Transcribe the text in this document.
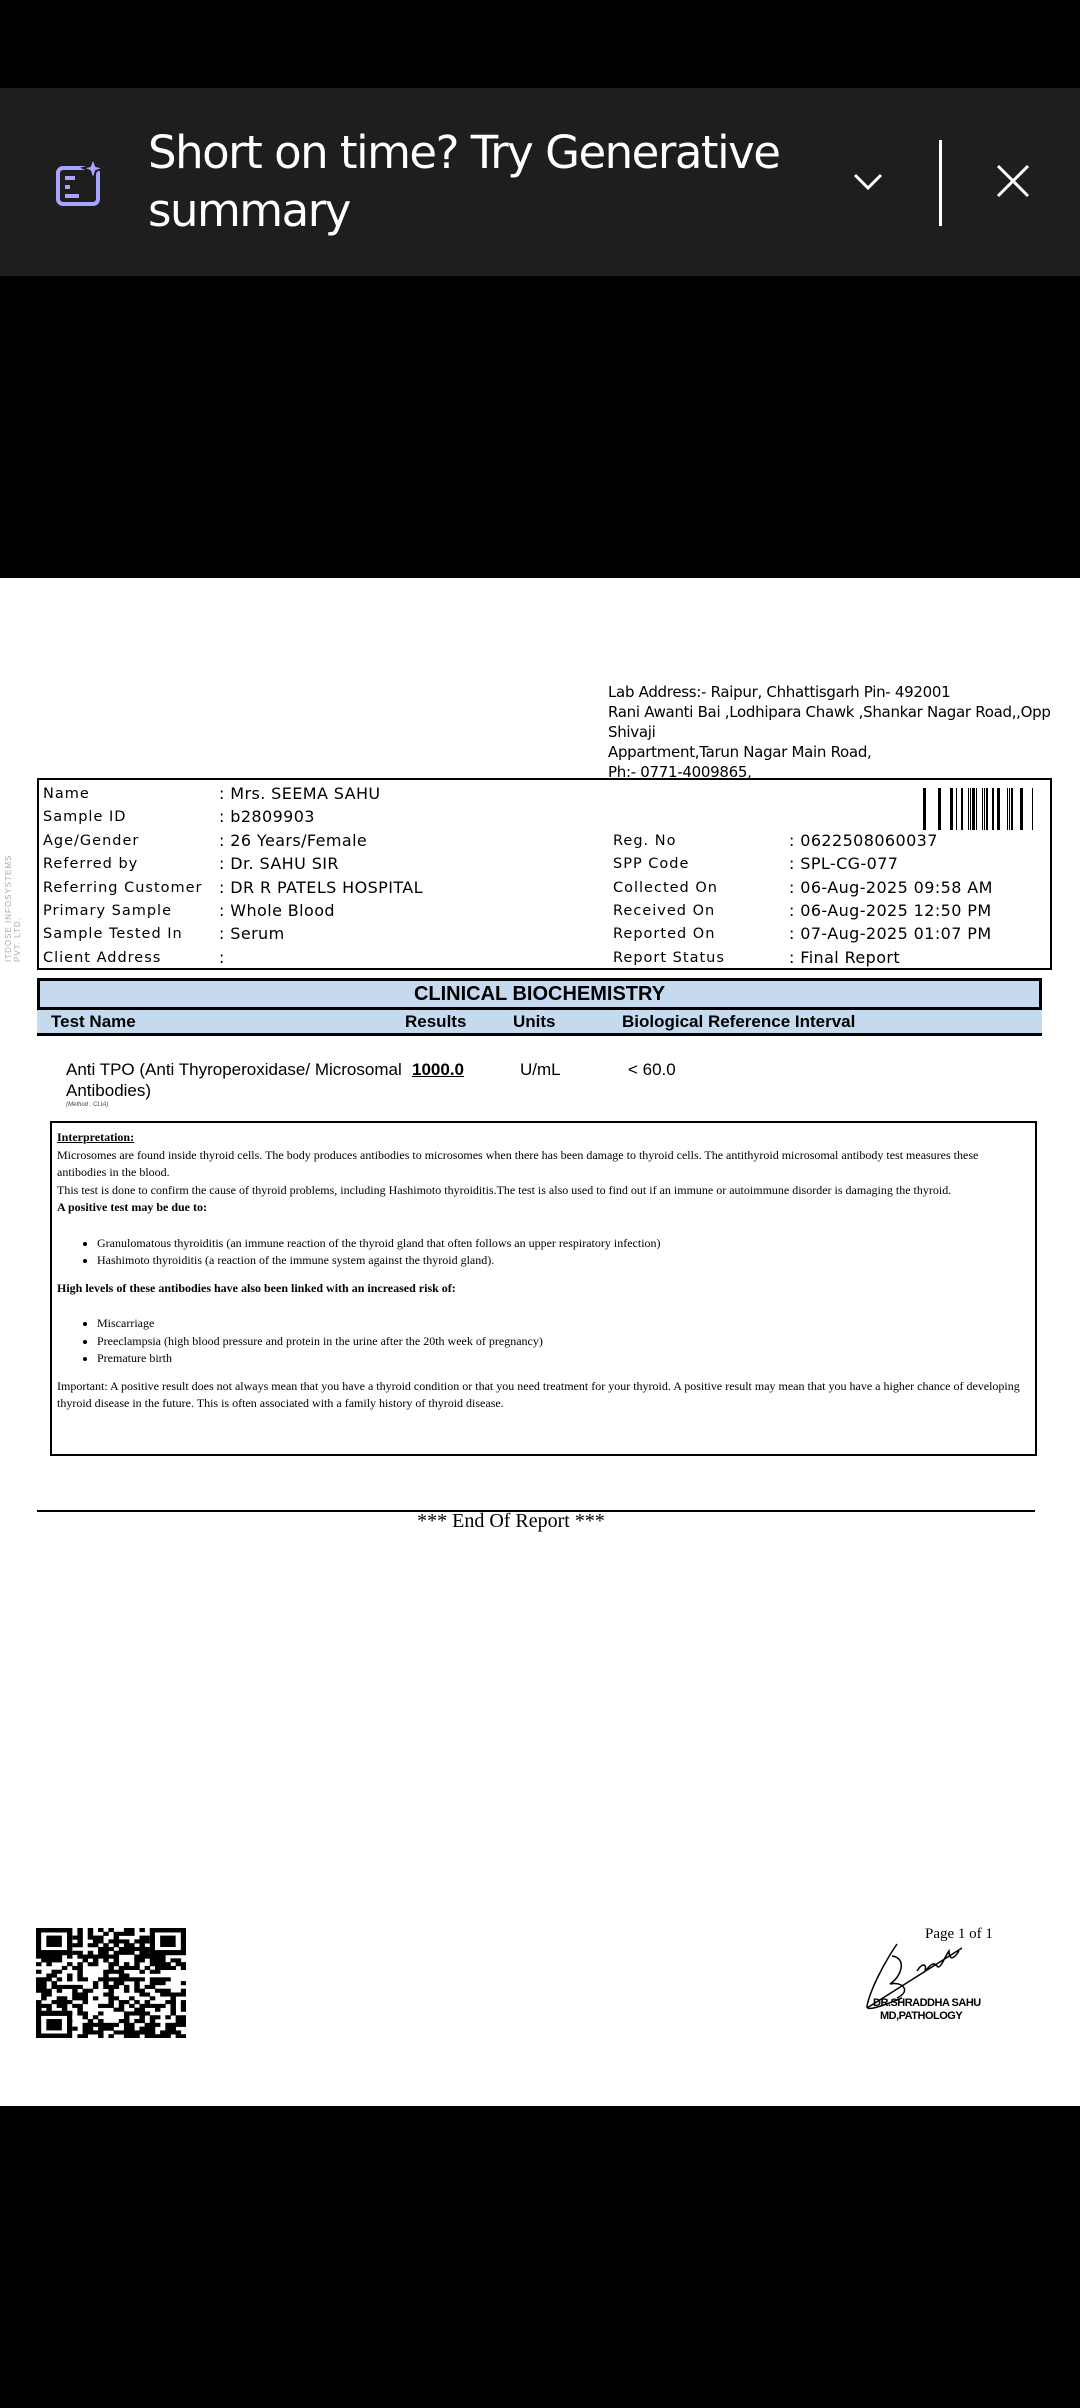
Short on time? Try Generative summary
ITDOSE INFOSYSTEMS PVT. LTD.
Lab Address:- Raipur, Chhattisgarh Pin- 492001
Rani Awanti Bai ,Lodhipara Chawk ,Shankar Nagar Road,,Opp Shivaji
Appartment,Tarun Nagar Main Road,
Ph:- 0771-4009865,
Name	: Mrs. SEEMA SAHU
Sample ID	: b2809903
Age/Gender	: 26 Years/Female
Referred by	: Dr. SAHU SIR
Referring Customer : DR R PATELS HOSPITAL
Primary Sample	: Whole Blood
Sample Tested In : Serum
Client Address	:
Reg. No	: 0622508060037
SPP Code	: SPL-CG-077
Collected On	: 06-Aug-2025 09:58 AM
Received On	: 06-Aug-2025 12:50 PM
Reported On	: 07-Aug-2025 01:07 PM
Report Status	: Final Report
CLINICAL BIOCHEMISTRY
Test Name	Results	Units	Biological Reference Interval
Anti TPO (Anti Thyroperoxidase/ Microsomal
Antibodies)
(Method : CLIA)
1000.0	U/mL	< 60.0

Interpretation:

Microsomes are found inside thyroid cells. The body produces antibodies to microsomes when there has been damage to thyroid cells. The antithyroid microsomal antibody test measures these antibodies in the blood.

This test is done to confirm the cause of thyroid problems, including Hashimoto thyroiditis.The test is also used to find out if an immune or autoimmune disorder is damaging the thyroid.

A positive test may be due to:

• Granulomatous thyroiditis (an immune reaction of the thyroid gland that often follows an upper respiratory infection)
• Hashimoto thyroiditis (a reaction of the immune system against the thyroid gland).

High levels of these antibodies have also been linked with an increased risk of:

• Miscarriage
• Preeclampsia (high blood pressure and protein in the urine after the 20th week of pregnancy)
• Premature birth

Important: A positive result does not always mean that you have a thyroid condition or that you need treatment for your thyroid. A positive result may mean that you have a higher chance of developing thyroid disease in the future. This is often associated with a family history of thyroid disease.

*** End Of Report ***
Page 1 of 1
DR.SHRADDHA SAHU
MD,PATHOLOGY
